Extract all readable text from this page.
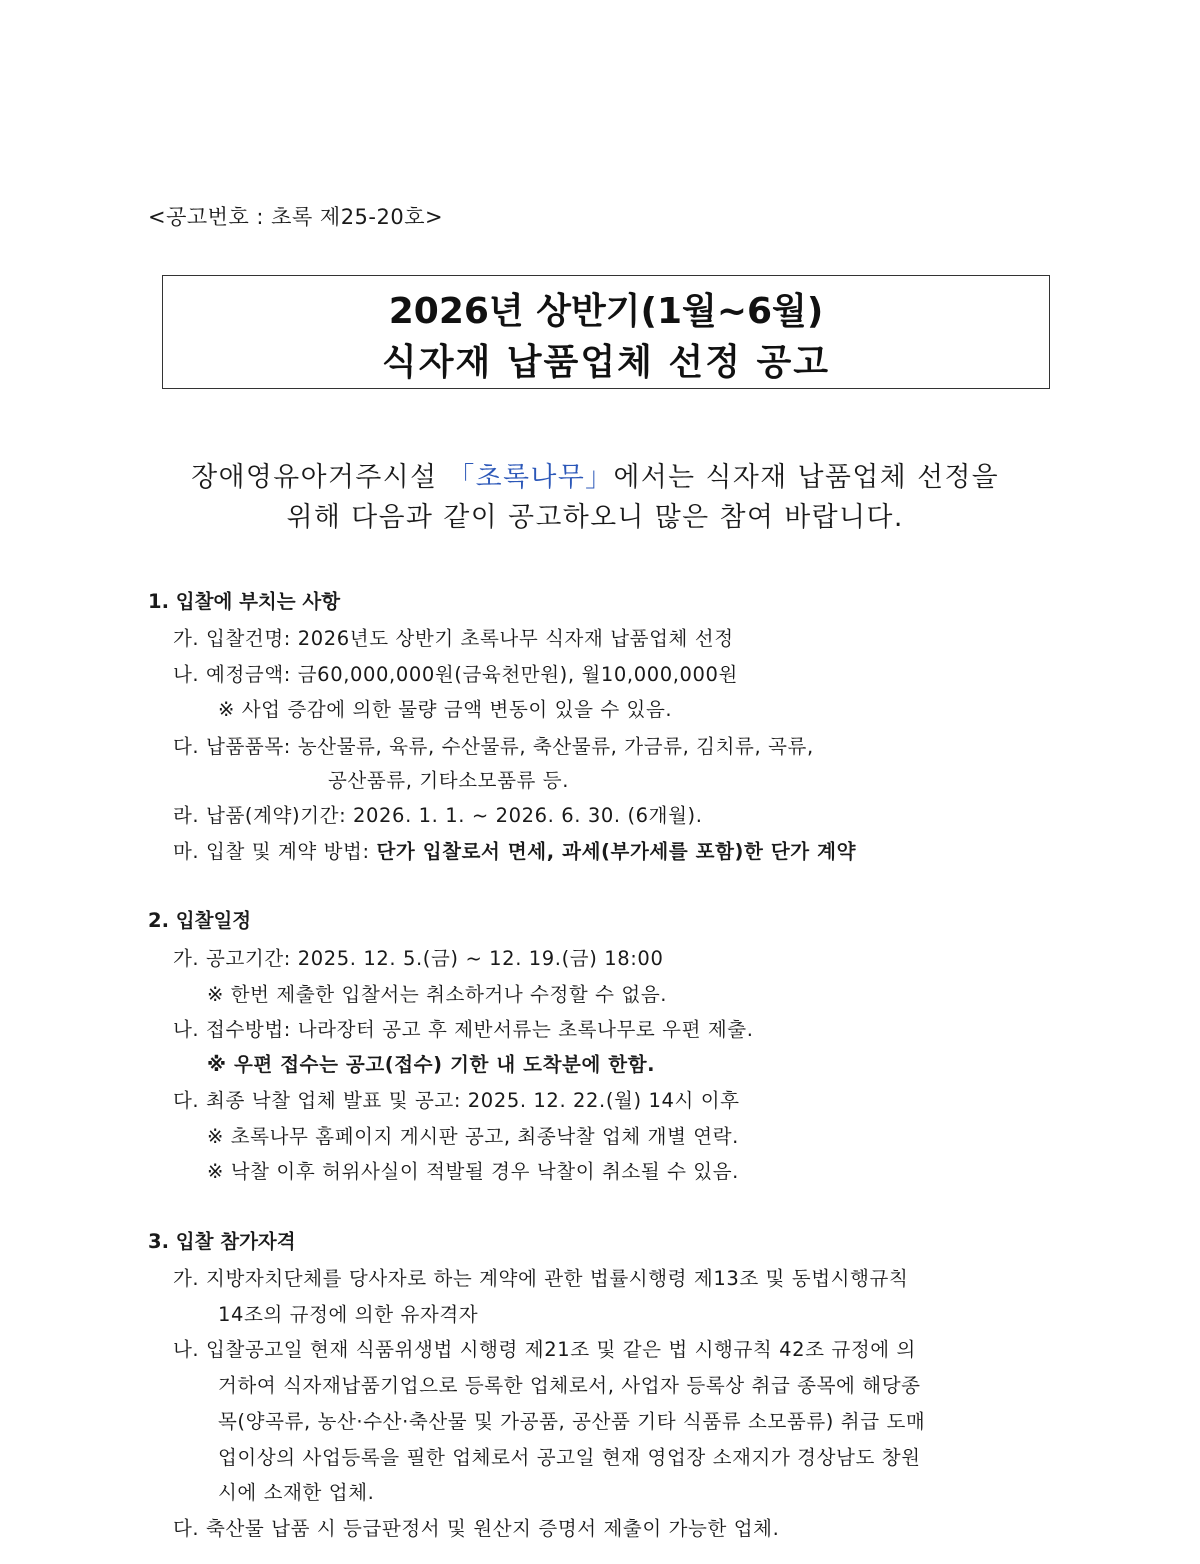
<공고번호 : 초록 제25-20호>
2026년 상반기(1월~6월)
식자재 납품업체 선정 공고
장애영유아거주시설 「초록나무」에서는 식자재 납품업체 선정을
위해 다음과 같이 공고하오니 많은 참여 바랍니다.
1. 입찰에 부치는 사항
가. 입찰건명: 2026년도 상반기 초록나무 식자재 납품업체 선정
나. 예정금액: 금60,000,000원(금육천만원), 월10,000,000원
※ 사업 증감에 의한 물량 금액 변동이 있을 수 있음.
다. 납품품목: 농산물류, 육류, 수산물류, 축산물류, 가금류, 김치류, 곡류,
공산품류, 기타소모품류 등.
라. 납품(계약)기간: 2026. 1. 1. ~ 2026. 6. 30. (6개월).
마. 입찰 및 계약 방법: 단가 입찰로서 면세, 과세(부가세를 포함)한 단가 계약
2. 입찰일정
가. 공고기간: 2025. 12. 5.(금) ~ 12. 19.(금) 18:00
※ 한번 제출한 입찰서는 취소하거나 수정할 수 없음.
나. 접수방법: 나라장터 공고 후 제반서류는 초록나무로 우편 제출.
※ 우편 접수는 공고(접수) 기한 내 도착분에 한함.
다. 최종 낙찰 업체 발표 및 공고: 2025. 12. 22.(월) 14시 이후
※ 초록나무 홈페이지 게시판 공고, 최종낙찰 업체 개별 연락.
※ 낙찰 이후 허위사실이 적발될 경우 낙찰이 취소될 수 있음.
3. 입찰 참가자격
가. 지방자치단체를 당사자로 하는 계약에 관한 법률시행령 제13조 및 동법시행규칙
14조의 규정에 의한 유자격자
나. 입찰공고일 현재 식품위생법 시행령 제21조 및 같은 법 시행규칙 42조 규정에 의
거하여 식자재납품기업으로 등록한 업체로서, 사업자 등록상 취급 종목에 해당종
목(양곡류, 농산·수산·축산물 및 가공품, 공산품 기타 식품류 소모품류) 취급 도매
업이상의 사업등록을 필한 업체로서 공고일 현재 영업장 소재지가 경상남도 창원
시에 소재한 업체.
다. 축산물 납품 시 등급판정서 및 원산지 증명서 제출이 가능한 업체.
